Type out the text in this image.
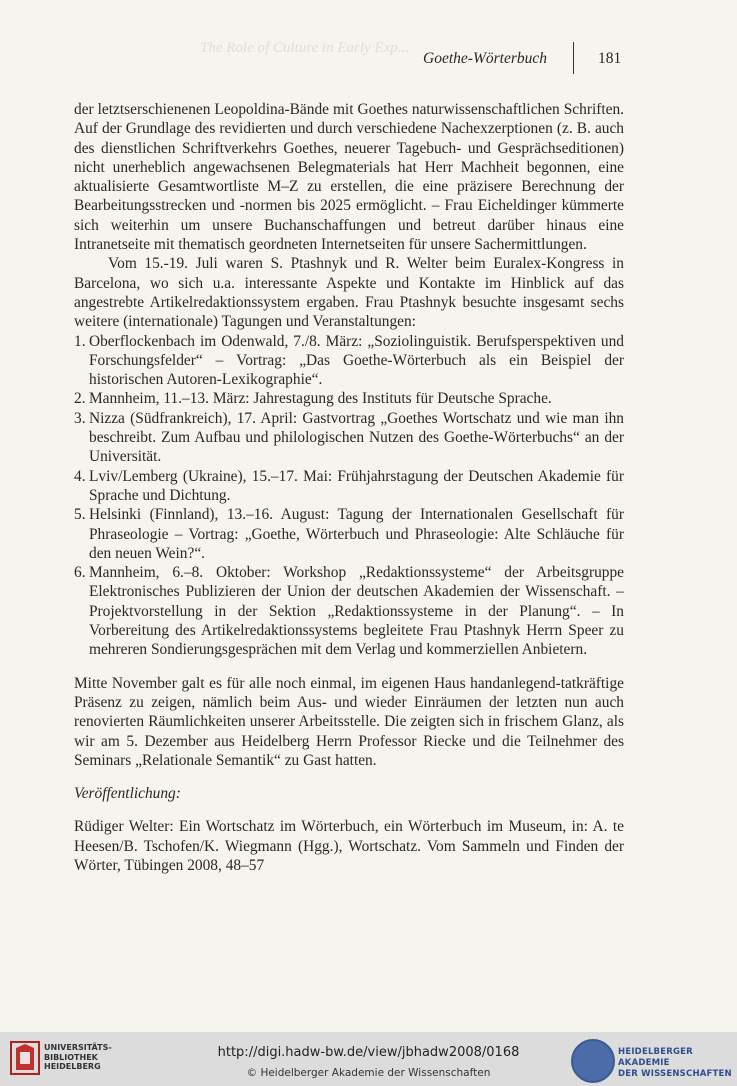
The Role of Culture in Early Exp...
Goethe-Wörterbuch	181

der letztserschienenen Leopoldina-Bände mit Goethes naturwissenschaftlichen Schriften. Auf der Grundlage des revidierten und durch verschiedene Nachexzerptionen (z. B. auch des dienstlichen Schriftverkehrs Goethes, neuerer Tagebuch- und Gesprächseditionen) nicht unerheblich angewachsenen Belegmaterials hat Herr Machheit begonnen, eine aktualisierte Gesamtwortliste M–Z zu erstellen, die eine präzisere Berechnung der Bearbeitungsstrecken und -normen bis 2025 ermöglicht. – Frau Eicheldinger kümmerte sich weiterhin um unsere Buchanschaffungen und betreut darüber hinaus eine Intranetseite mit thematisch geordneten Internetseiten für unsere Sachermittlungen.

Vom 15.-19. Juli waren S. Ptashnyk und R. Welter beim Euralex-Kongress in Barcelona, wo sich u.a. interessante Aspekte und Kontakte im Hinblick auf das angestrebte Artikelredaktionssystem ergaben. Frau Ptashnyk besuchte insgesamt sechs weitere (internationale) Tagungen und Veranstaltungen:

1. Oberflockenbach im Odenwald, 7./8. März: „Soziolinguistik. Berufsperspektiven und Forschungsfelder“ – Vortrag: „Das Goethe-Wörterbuch als ein Beispiel der historischen Autoren-Lexikographie“.
2. Mannheim, 11.–13. März: Jahrestagung des Instituts für Deutsche Sprache.
3. Nizza (Südfrankreich), 17. April: Gastvortrag „Goethes Wortschatz und wie man ihn beschreibt. Zum Aufbau und philologischen Nutzen des Goethe-Wörterbuchs“ an der Universität.
4. Lviv/Lemberg (Ukraine), 15.–17. Mai: Frühjahrstagung der Deutschen Akademie für Sprache und Dichtung.
5. Helsinki (Finnland), 13.–16. August: Tagung der Internationalen Gesellschaft für Phraseologie – Vortrag: „Goethe, Wörterbuch und Phraseologie: Alte Schläuche für den neuen Wein?“.
6. Mannheim, 6.–8. Oktober: Workshop „Redaktionssysteme“ der Arbeitsgruppe Elektronisches Publizieren der Union der deutschen Akademien der Wissenschaft. – Projektvorstellung in der Sektion „Redaktionssysteme in der Planung“. – In Vorbereitung des Artikelredaktionssystems begleitete Frau Ptashnyk Herrn Speer zu mehreren Sondierungsgesprächen mit dem Verlag und kommerziellen Anbietern.

Mitte November galt es für alle noch einmal, im eigenen Haus handanlegend-tatkräftige Präsenz zu zeigen, nämlich beim Aus- und wieder Einräumen der letzten nun auch renovierten Räumlichkeiten unserer Arbeitsstelle. Die zeigten sich in frischem Glanz, als wir am 5. Dezember aus Heidelberg Herrn Professor Riecke und die Teilnehmer des Seminars „Relationale Semantik“ zu Gast hatten.

Veröffentlichung:

Rüdiger Welter: Ein Wortschatz im Wörterbuch, ein Wörterbuch im Museum, in: A. te Heesen/B. Tschofen/K. Wiegmann (Hgg.), Wortschatz. Vom Sammeln und Finden der Wörter, Tübingen 2008, 48–57

UNIVERSITÄTS-
BIBLIOTHEK
HEIDELBERG
http://digi.hadw-bw.de/view/jbhadw2008/0168
© Heidelberger Akademie der Wissenschaften
HEIDELBERGER AKADEMIE
DER WISSENSCHAFTEN
